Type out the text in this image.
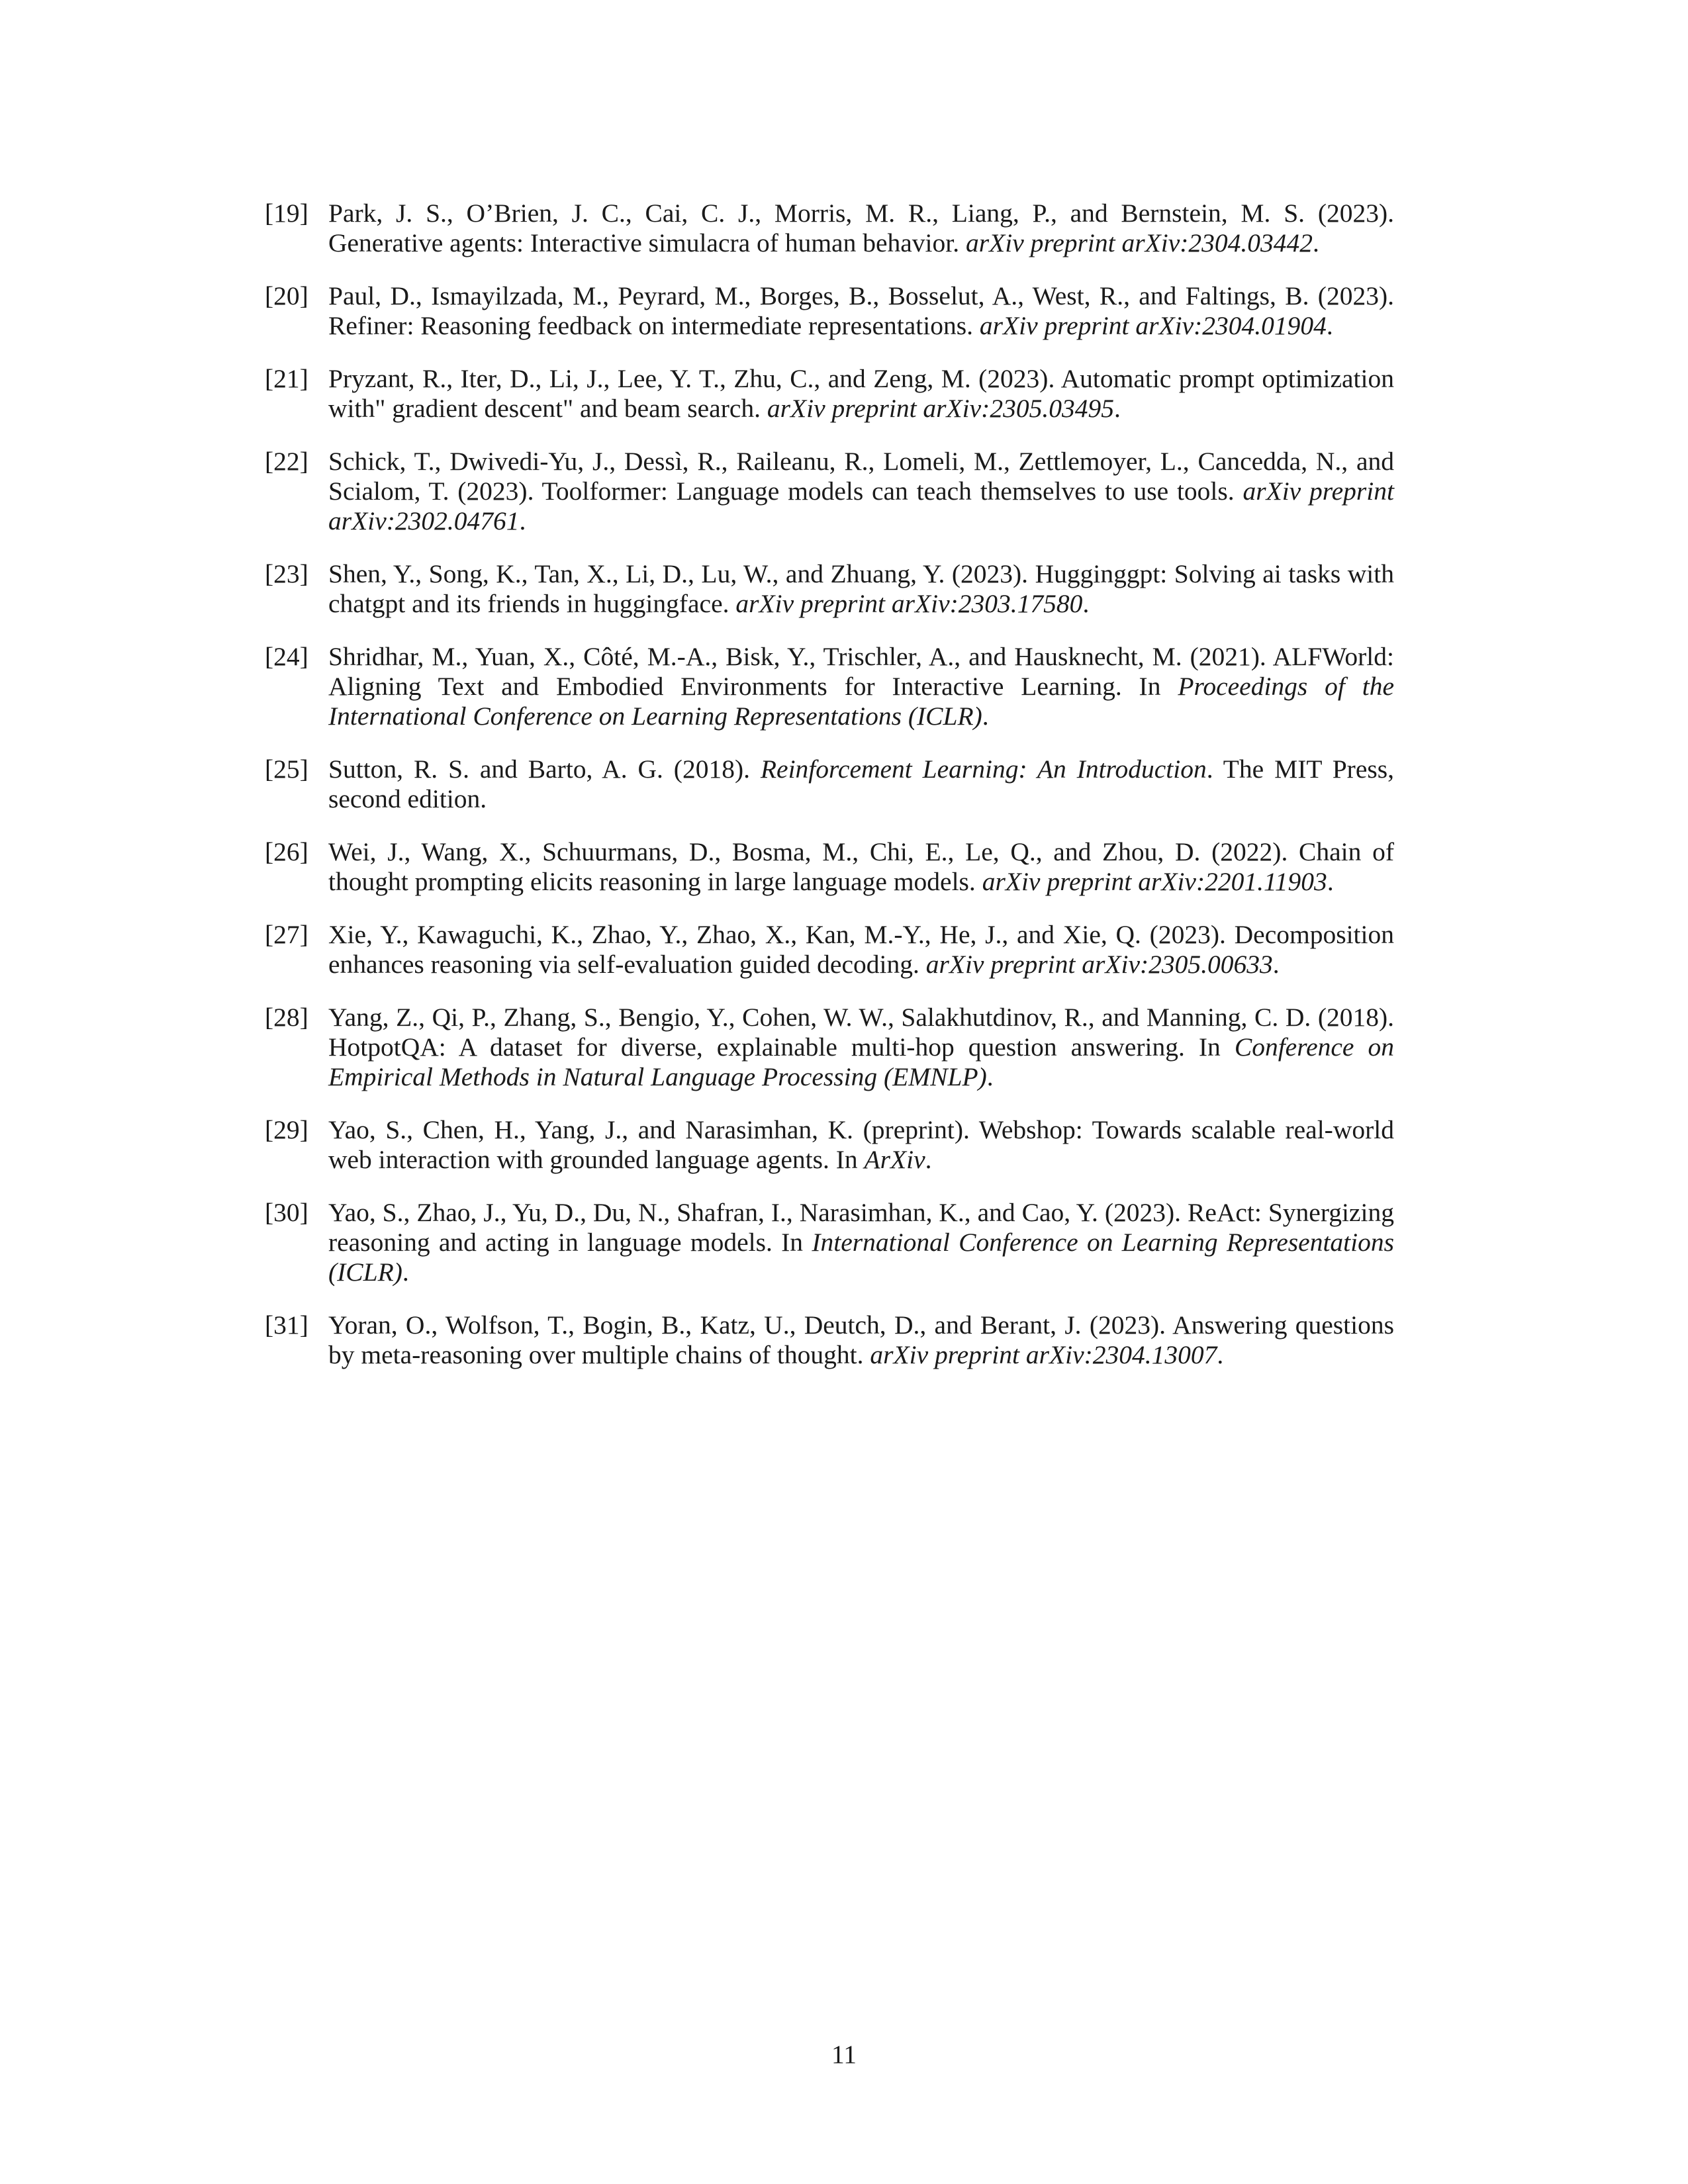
[19] Park, J. S., O’Brien, J. C., Cai, C. J., Morris, M. R., Liang, P., and Bernstein, M. S. (2023). Generative agents: Interactive simulacra of human behavior. arXiv preprint arXiv:2304.03442.
[20] Paul, D., Ismayilzada, M., Peyrard, M., Borges, B., Bosselut, A., West, R., and Faltings, B. (2023). Refiner: Reasoning feedback on intermediate representations. arXiv preprint arXiv:2304.01904.
[21] Pryzant, R., Iter, D., Li, J., Lee, Y. T., Zhu, C., and Zeng, M. (2023). Automatic prompt optimization with" gradient descent" and beam search. arXiv preprint arXiv:2305.03495.
[22] Schick, T., Dwivedi-Yu, J., Dessì, R., Raileanu, R., Lomeli, M., Zettlemoyer, L., Cancedda, N., and Scialom, T. (2023). Toolformer: Language models can teach themselves to use tools. arXiv preprint arXiv:2302.04761.
[23] Shen, Y., Song, K., Tan, X., Li, D., Lu, W., and Zhuang, Y. (2023). Hugginggpt: Solving ai tasks with chatgpt and its friends in huggingface. arXiv preprint arXiv:2303.17580.
[24] Shridhar, M., Yuan, X., Côté, M.-A., Bisk, Y., Trischler, A., and Hausknecht, M. (2021). ALFWorld: Aligning Text and Embodied Environments for Interactive Learning. In Proceedings of the International Conference on Learning Representations (ICLR).
[25] Sutton, R. S. and Barto, A. G. (2018). Reinforcement Learning: An Introduction. The MIT Press, second edition.
[26] Wei, J., Wang, X., Schuurmans, D., Bosma, M., Chi, E., Le, Q., and Zhou, D. (2022). Chain of thought prompting elicits reasoning in large language models. arXiv preprint arXiv:2201.11903.
[27] Xie, Y., Kawaguchi, K., Zhao, Y., Zhao, X., Kan, M.-Y., He, J., and Xie, Q. (2023). Decomposition enhances reasoning via self-evaluation guided decoding. arXiv preprint arXiv:2305.00633.
[28] Yang, Z., Qi, P., Zhang, S., Bengio, Y., Cohen, W. W., Salakhutdinov, R., and Manning, C. D. (2018). HotpotQA: A dataset for diverse, explainable multi-hop question answering. In Conference on Empirical Methods in Natural Language Processing (EMNLP).
[29] Yao, S., Chen, H., Yang, J., and Narasimhan, K. (preprint). Webshop: Towards scalable real-world web interaction with grounded language agents. In ArXiv.
[30] Yao, S., Zhao, J., Yu, D., Du, N., Shafran, I., Narasimhan, K., and Cao, Y. (2023). ReAct: Synergizing reasoning and acting in language models. In International Conference on Learning Representations (ICLR).
[31] Yoran, O., Wolfson, T., Bogin, B., Katz, U., Deutch, D., and Berant, J. (2023). Answering questions by meta-reasoning over multiple chains of thought. arXiv preprint arXiv:2304.13007.
11
